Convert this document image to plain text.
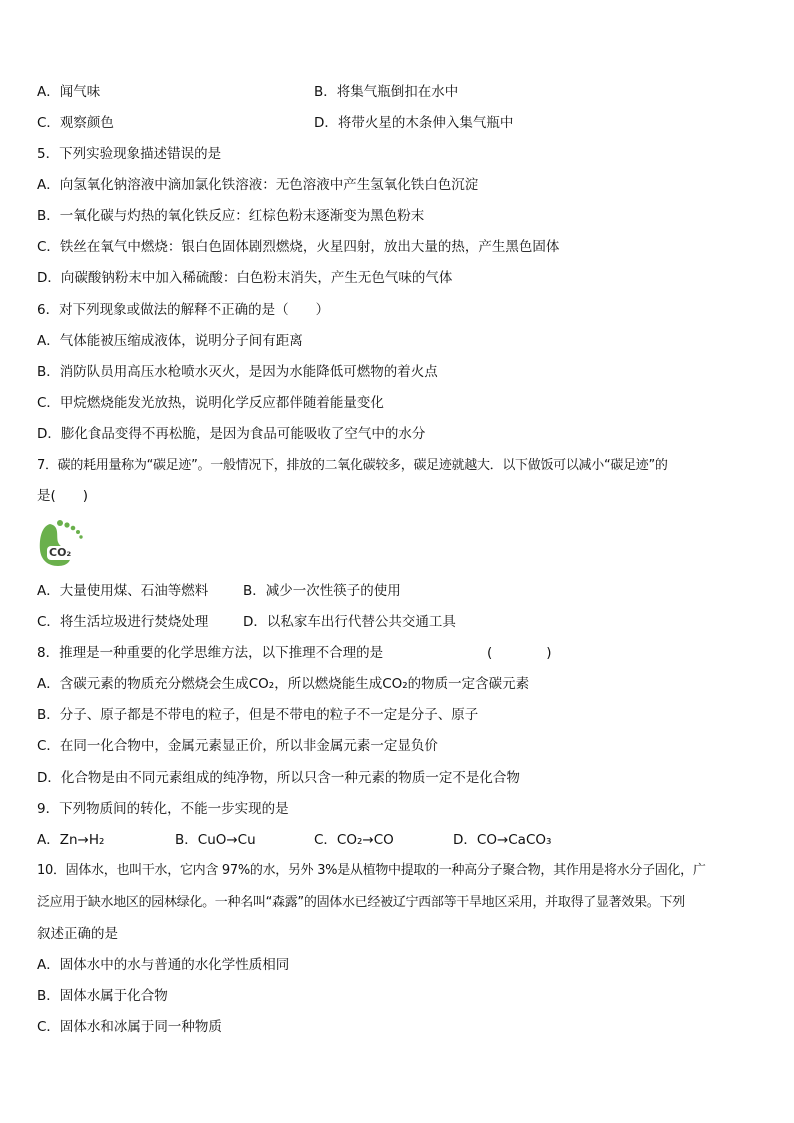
A．闻气味	B．将集气瓶倒扣在水中
C．观察颜色	D．将带火星的木条伸入集气瓶中
5．下列实验现象描述错误的是
A．向氢氧化钠溶液中滴加氯化铁溶液：无色溶液中产生氢氧化铁白色沉淀
B．一氧化碳与灼热的氧化铁反应：红棕色粉末逐渐变为黑色粉末
C．铁丝在氧气中燃烧：银白色固体剧烈燃烧，火星四射，放出大量的热，产生黑色固体
D．向碳酸钠粉末中加入稀硫酸：白色粉末消失，产生无色气味的气体
6．对下列现象或做法的解释不正确的是（　　）
A．气体能被压缩成液体，说明分子间有距离
B．消防队员用高压水枪喷水灭火，是因为水能降低可燃物的着火点
C．甲烷燃烧能发光放热，说明化学反应都伴随着能量变化
D．膨化食品变得不再松脆，是因为食品可能吸收了空气中的水分
7．碳的耗用量称为“碳足迹”。一般情况下，排放的二氧化碳较多，碳足迹就越大．以下做饭可以减小“碳足迹”的
是(　　)
CO₂
A．大量使用煤、石油等燃料	B．减少一次性筷子的使用
C．将生活垃圾进行焚烧处理	D．以私家车出行代替公共交通工具
8．推理是一种重要的化学思维方法，以下推理不合理的是	(　　　　)
A．含碳元素的物质充分燃烧会生成CO₂，所以燃烧能生成CO₂的物质一定含碳元素
B．分子、原子都是不带电的粒子，但是不带电的粒子不一定是分子、原子
C．在同一化合物中，金属元素显正价，所以非金属元素一定显负价
D．化合物是由不同元素组成的纯净物，所以只含一种元素的物质一定不是化合物
9．下列物质间的转化，不能一步实现的是
A．Zn→H₂	B．CuO→Cu	C．CO₂→CO	D．CO→CaCO₃
10．固体水，也叫干水，它内含 97%的水，另外 3%是从植物中提取的一种高分子聚合物，其作用是将水分子固化，广
泛应用于缺水地区的园林绿化。一种名叫“森露”的固体水已经被辽宁西部等干旱地区采用，并取得了显著效果。下列
叙述正确的是
A．固体水中的水与普通的水化学性质相同
B．固体水属于化合物
C．固体水和冰属于同一种物质
